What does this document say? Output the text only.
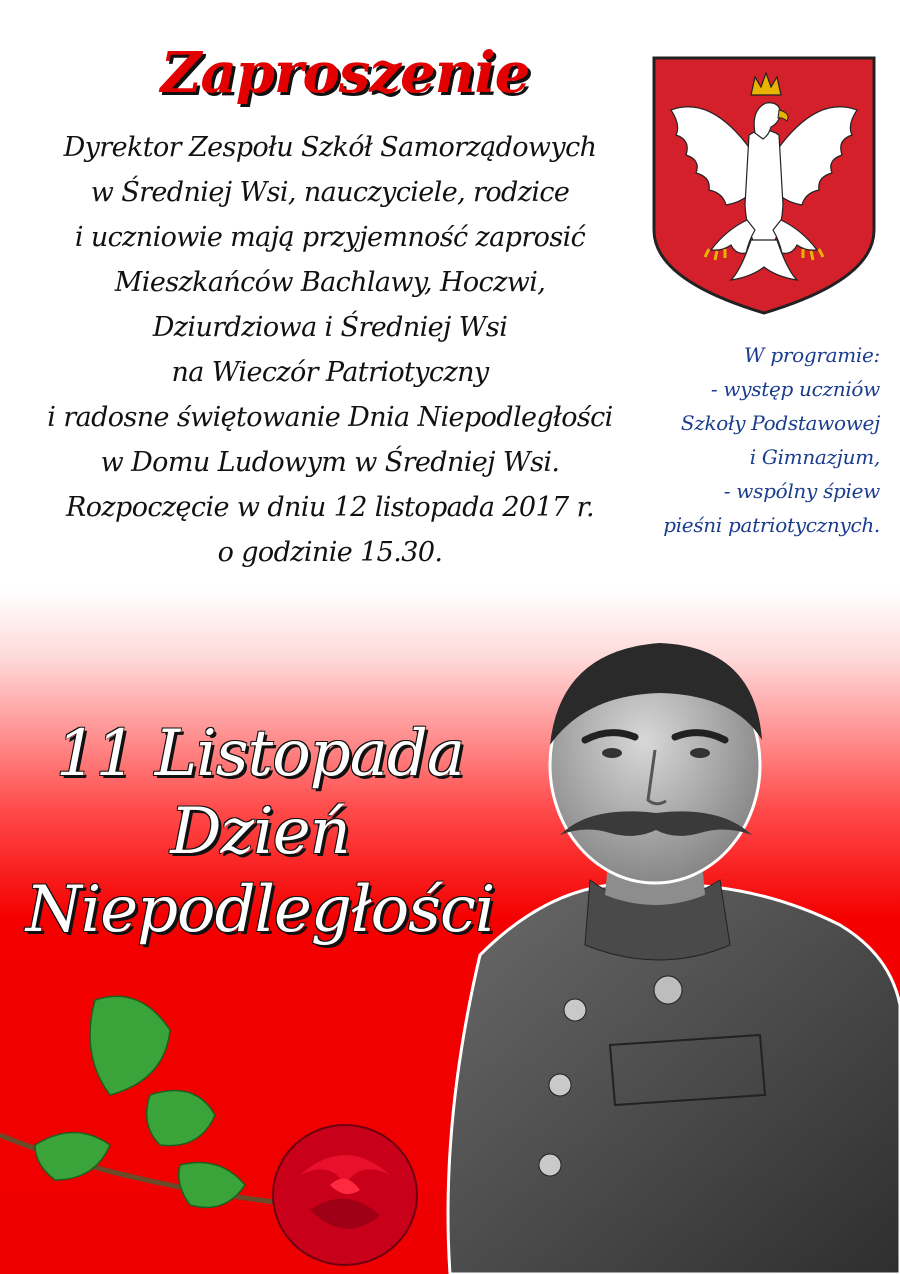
Zaproszenie
Dyrektor Zespołu Szkół Samorządowych
w Średniej Wsi, nauczyciele, rodzice
i uczniowie mają przyjemność zaprosić
Mieszkańców Bachlawy, Hoczwi,
Dziurdziowa i Średniej Wsi
na Wieczór Patriotyczny
i radosne świętowanie Dnia Niepodległości
w Domu Ludowym w Średniej Wsi.
Rozpoczęcie w dniu 12 listopada 2017 r.
o godzinie 15.30.
W programie:
- występ uczniów
Szkoły Podstawowej
i Gimnazjum,
- wspólny śpiew
pieśni patriotycznych.
11 Listopada
Dzień
Niepodległości
